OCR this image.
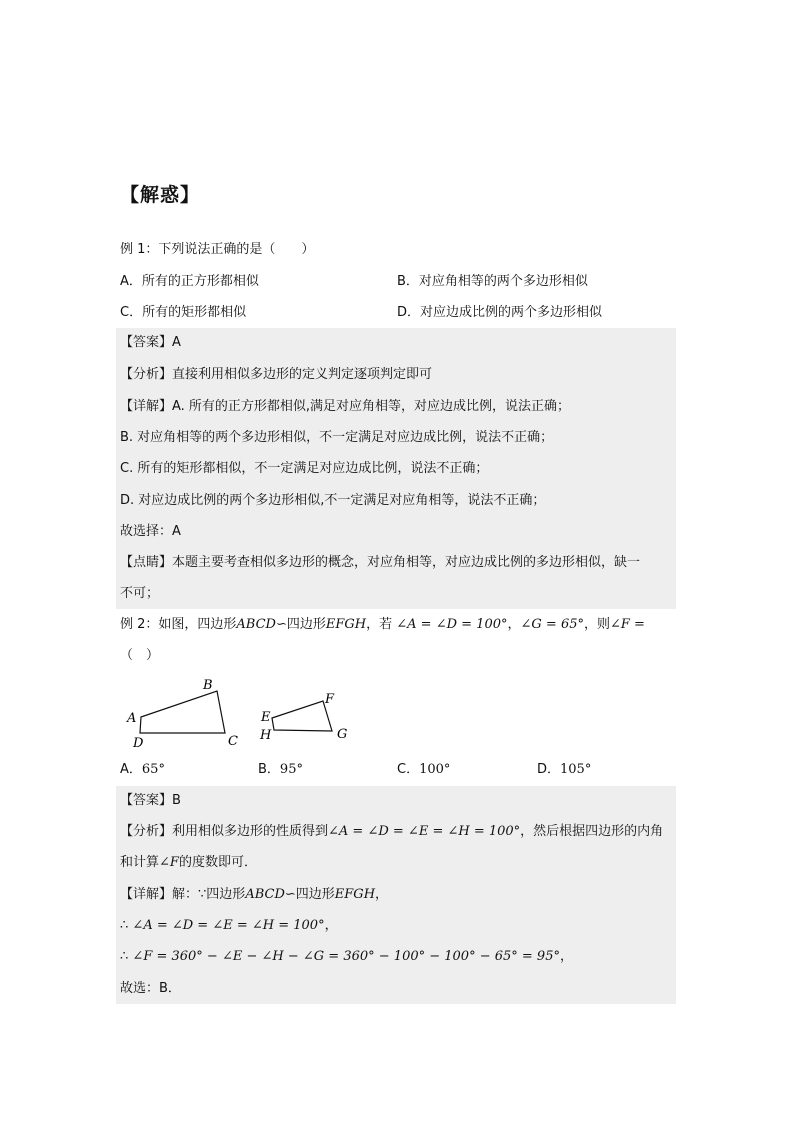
【解惑】
例 1：下列说法正确的是（　　）
A．所有的正方形都相似	B．对应角相等的两个多边形相似
C．所有的矩形都相似	D．对应边成比例的两个多边形相似
【答案】A
【分析】直接利用相似多边形的定义判定逐项判定即可
【详解】A. 所有的正方形都相似,满足对应角相等，对应边成比例，说法正确；
B. 对应角相等的两个多边形相似，不一定满足对应边成比例，说法不正确；
C. 所有的矩形都相似，不一定满足对应边成比例，说法不正确；
D. 对应边成比例的两个多边形相似,不一定满足对应角相等，说法不正确；
故选择：A
【点睛】本题主要考查相似多边形的概念，对应角相等，对应边成比例的多边形相似，缺一
不可；
例 2：如图，四边形ABCD∽四边形EFGH，若 ∠A = ∠D = 100°，∠G = 65°，则∠F =
（　）
A
B
C
D
E
F
G
H
A．65°	B．95°	C．100°	D．105°
【答案】B
【分析】利用相似多边形的性质得到∠A = ∠D = ∠E = ∠H = 100°，然后根据四边形的内角
和计算∠F的度数即可．
【详解】解：∵四边形ABCD∽四边形EFGH，
∴ ∠A = ∠D = ∠E = ∠H = 100°，
∴ ∠F = 360° − ∠E − ∠H − ∠G = 360° − 100° − 100° − 65° = 95°，
故选：B．
